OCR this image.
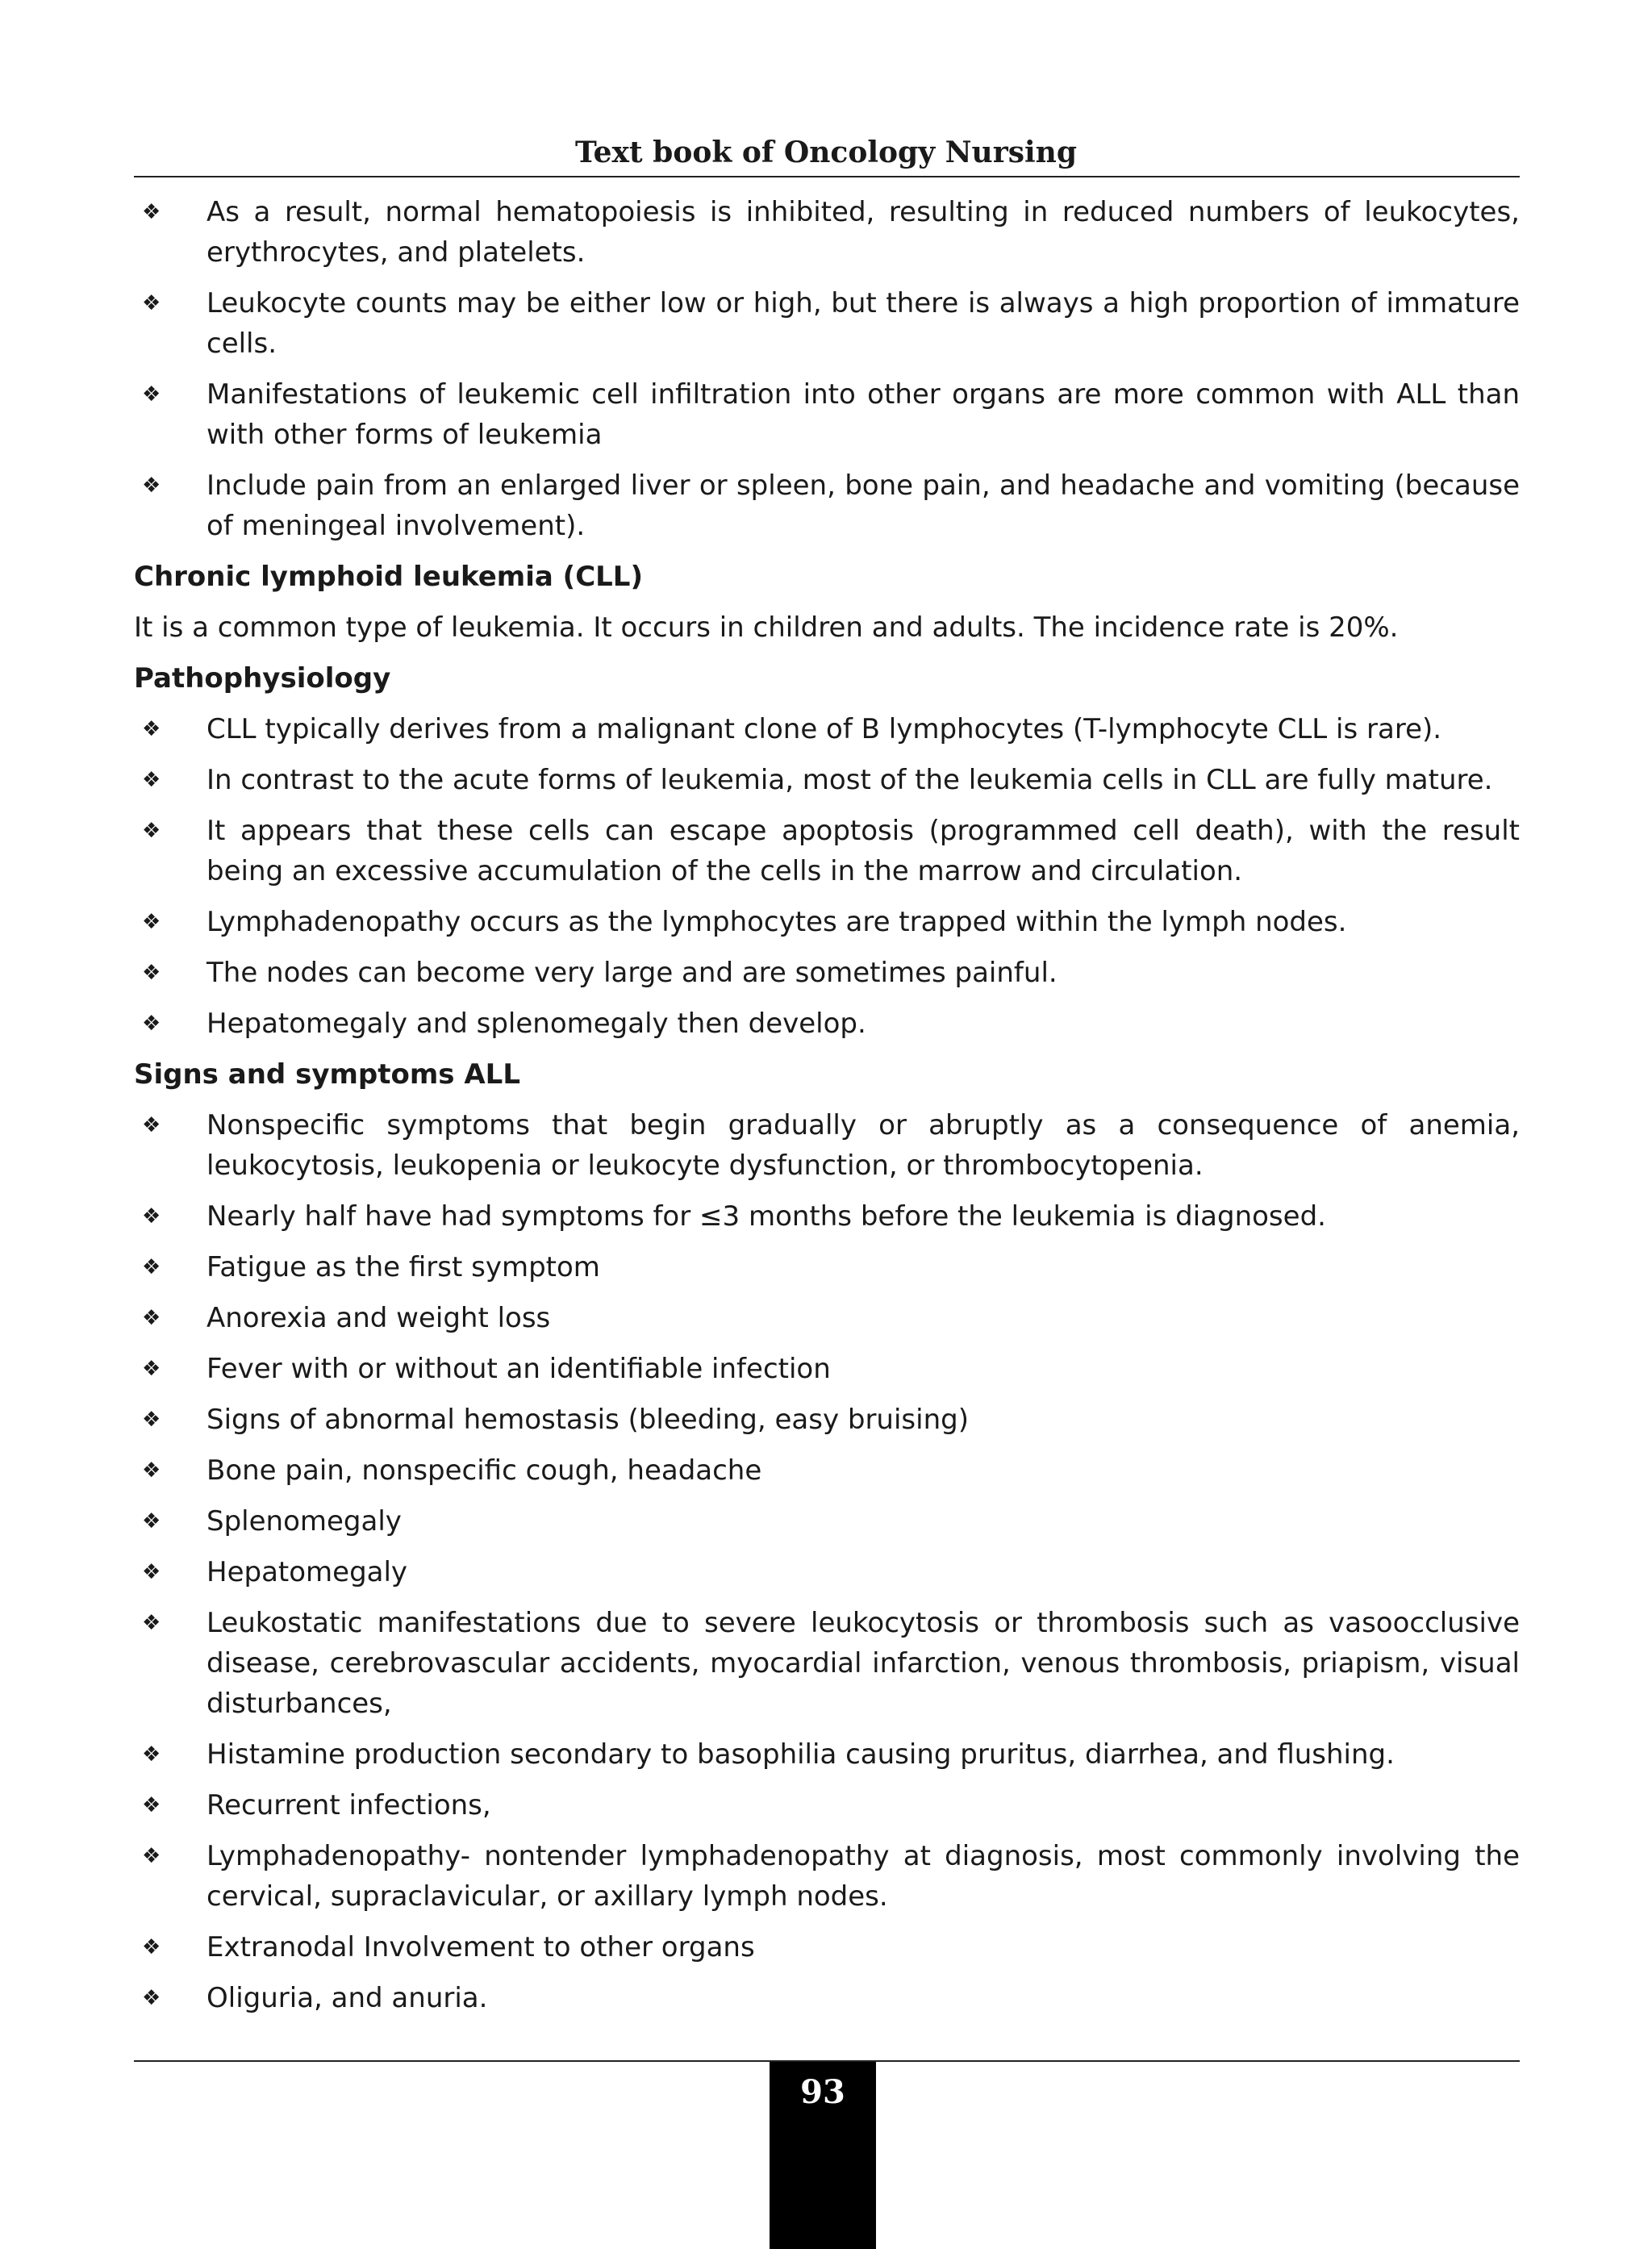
Text book of Oncology Nursing
❖ As a result, normal hematopoiesis is inhibited, resulting in reduced numbers of leukocytes, erythrocytes, and platelets.
❖ Leukocyte counts may be either low or high, but there is always a high proportion of immature cells.
❖ Manifestations of leukemic cell infiltration into other organs are more common with ALL than with other forms of leukemia
❖ Include pain from an enlarged liver or spleen, bone pain, and headache and vomiting (because of meningeal involvement).
Chronic lymphoid leukemia (CLL)
It is a common type of leukemia. It occurs in children and adults. The incidence rate is 20%.
Pathophysiology
❖ CLL typically derives from a malignant clone of B lymphocytes (T-lymphocyte CLL is rare).
❖ In contrast to the acute forms of leukemia, most of the leukemia cells in CLL are fully mature.
❖ It appears that these cells can escape apoptosis (programmed cell death), with the result being an excessive accumulation of the cells in the marrow and circulation.
❖ Lymphadenopathy occurs as the lymphocytes are trapped within the lymph nodes.
❖ The nodes can become very large and are sometimes painful.
❖ Hepatomegaly and splenomegaly then develop.
Signs and symptoms ALL
❖ Nonspecific symptoms that begin gradually or abruptly as a consequence of anemia, leukocytosis, leukopenia or leukocyte dysfunction, or thrombocytopenia.
❖ Nearly half have had symptoms for ≤3 months before the leukemia is diagnosed.
❖ Fatigue as the first symptom
❖ Anorexia and weight loss
❖ Fever with or without an identifiable infection
❖ Signs of abnormal hemostasis (bleeding, easy bruising)
❖ Bone pain, nonspecific cough, headache
❖ Splenomegaly
❖ Hepatomegaly
❖ Leukostatic manifestations due to severe leukocytosis or thrombosis such as vasoocclusive disease, cerebrovascular accidents, myocardial infarction, venous thrombosis, priapism, visual disturbances,
❖ Histamine production secondary to basophilia causing pruritus, diarrhea, and flushing.
❖ Recurrent infections,
❖ Lymphadenopathy- nontender lymphadenopathy at diagnosis, most commonly involving the cervical, supraclavicular, or axillary lymph nodes.
❖ Extranodal Involvement to other organs
❖ Oliguria, and anuria.
93
